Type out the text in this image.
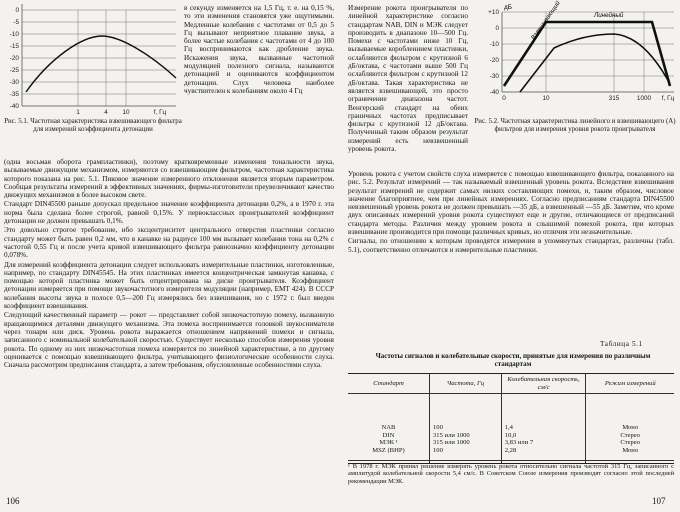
0
-5
-10
-15
-20
-25
-30
-35
-40
1	4 10	f, Гц
Рис. 5.1. Частотная характеристика взвешивающего фильтра для измерений коэффициента детонации
в секунду изменяется на 1,5 Гц, т. е. на 0,15 %, то эти изменения становятся уже ощутимыми. Медленные колебания с частотами от 0,5 до 5 Гц вызывают неприятное плавание звука, а более частые колебания с частотами от 4 до 100 Гц воспринимаются как дробление звука. Искажения звука, вызванные частотной модуляцией полезного сигнала, называются детонацией и оцениваются коэффициентом детонации. Слух человека наиболее чувствителен к колебаниям около 4 Гц

(одна восьмая оборота грампластинки), поэтому кратковременные изменения тональности звука, вызываемые движущим механизмом, измеряются со взвешивающим фильтром, частотная характеристика которого показана на рис. 5.1. Пиковое значение измеренного отклонения является вторым параметром. Сообщая результаты измерений в эффективных значениях, фирмы-изготовители преувеличивают качество движущих механизмов в более высоком свете.

Стандарт DIN45500 раньше допускал предельное значение коэффициента детонации 0,2%, а в 1970 г. эта норма была сделана более строгой, равной 0,15%. У первоклассных проигрывателей коэффициент детонации не должен превышать 0,1%.

Это довольно строгое требование, ибо эксцентриситет центрального отверстия пластинки согласно стандарту может быть равен 0,2 мм, что в канавке на радиусе 100 мм вызывает колебания тона на 0,2% с частотой 0,55 Гц и после учета кривой взвешивающего фильтра равнозначно коэффициенту детонации 0,078%.

Для измерений коэффициента детонации следует использовать измерительные пластинки, изготовленные, например, по стандарту DIN45545. На этих пластинках имеется концентрическая замкнутая канавка, с помощью которой пластинка может быть отцентрирована на диске проигрывателя. Коэффициент детонации измеряется при помощи звукочастотного измерителя модуляции (например, EMT 424). В СССР колебания высоты звука в полосе 0,5—200 Гц измерялись без взвешивания, но с 1972 г. был введен коэффициент взвешивания.

Следующий качественный параметр — рокот — представляет собой низкочастотную помеху, вызванную вращающимися деталями движущего механизма. Эта помеха воспринимается головкой звукоснимателя через тонарм или диск. Уровень рокота выражается отношением напряжений помехи и сигнала, записанного с номинальной колебательной скоростью. Существует несколько способов измерения уровня рокота. По одному из них низкочастотная помеха измеряется по линейной характеристике, а по другому оценивается с помощью взвешивающего фильтра, учитывающего физиологические особенности слуха. Сначала рассмотрим предписания стандарта, а затем требования, обусловленные особенностями слуха.

106
Измерение рокота проигрывателя по линейной характеристике согласно стандартам NAB, DIN и МЭК следует производить в диапазоне 10—500 Гц. Помехи с частотами ниже 10 Гц, вызываемые коробленнием пластинки, ослабляются фильтром с крутизной 6 дБ/октава, с частотами выше 500 Гц ослабляются фильтром с крутизной 12 дБ/октава. Такая характеристика не является взвешивающей, это просто ограничение диапазона частот. Венгерский стандарт на обеих граничных частотах предписывает фильтры с крутизной 12 дБ/октава. Полученный таким образом результат измерений есть невзвешенный уровень рокота.
дБ
+10
0
-10
-20
-30
-40
0	10	315	1000 f, Гц
Взвешивающий	Линейный
Рис. 5.2. Частотная характеристика линейного и взвешивающего (А) фильтров для измерения уровня рокота проигрывателя

Уровень рокота с учетом свойств слуха измеряется с помощью взвешивающего фильтра, показанного на рис. 5.2. Результат измерений — так называемый взвешенный уровень рокота. Вследствие взвешивания результат измерений не содержит самых низких составляющих помехи, и, таким образом, числовое значение благоприятнее, чем при линейных измерениях. Согласно предписаниям стандарта DIN45500 невзвешенный уровень рокота не должен превышать —35 дБ, а взвешенный —55 дБ. Заметим, что кроме двух описанных измерений уровня рокота существуют еще и другие, отличающиеся от предписаний стандарта методы. Различия между уровнем рокота и слышимой помехой рокота, при которых взвешивание производится при помощи различных кривых, но отличия эти незначительные.

Сигналы, по отношению к которым проводятся измерения в упомянутых стандартах, различны (табл. 5.1), соответственно отличаются и измерительные пластинки.

Таблица 5.1
Частоты сигналов и колебательные скорости, принятые для измерения по различным стандартам
Стандарт	Частота, Гц	Колебательная скорость, см/с	Режим измерений
NAB	100	1,4	Моно
DIN	315 или 1000	10,0	Стерео
МЭК ¹	315 или 1000	3,83 или 7	Стерео
MSZ (ВНР)	100	2,28	Моно
¹ В 1978 г. МЭК принял решение измерять уровень рокота относительно сигнала частотой 315 Гц, записанного с амплитудой колебательной скорости 5,4 см/с. В Советском Союзе измерения производят согласно этой последней рекомендации МЭК.
107
